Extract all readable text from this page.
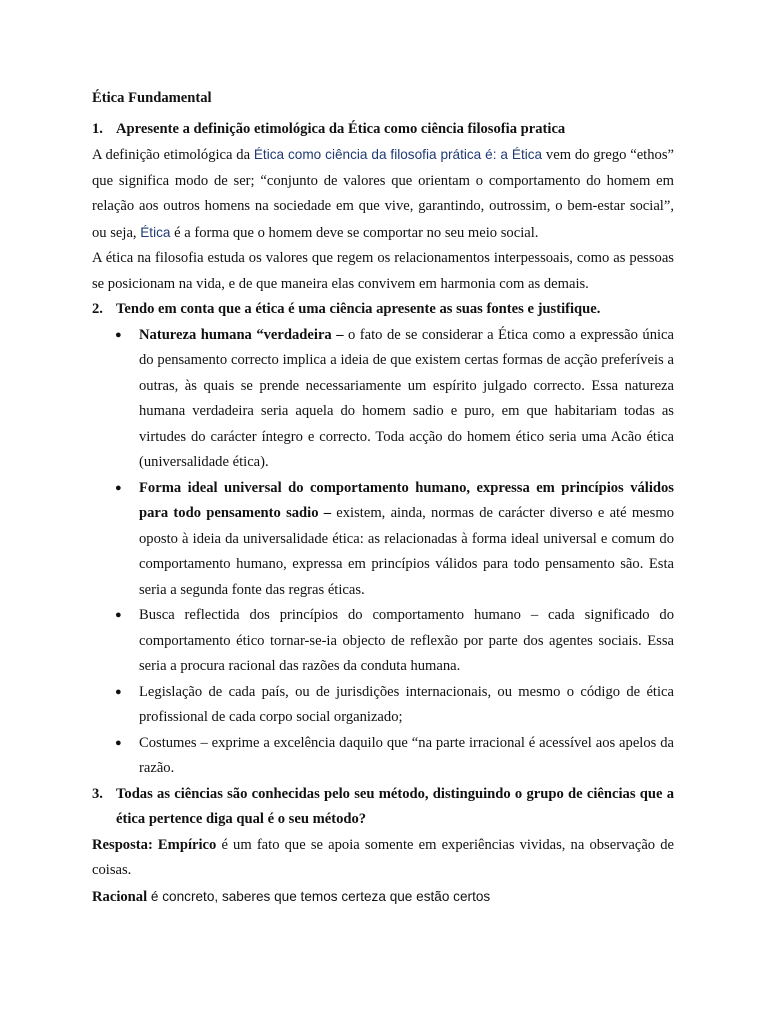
Ética Fundamental

1. Apresente a definição etimológica da Ética como ciência filosofia pratica

A definição etimológica da Ética como ciência da filosofia prática é: a Ética vem do grego “ethos” que significa modo de ser; “conjunto de valores que orientam o comportamento do homem em relação aos outros homens na sociedade em que vive, garantindo, outrossim, o bem-estar social”, ou seja, Ética é a forma que o homem deve se comportar no seu meio social.

A ética na filosofia estuda os valores que regem os relacionamentos interpessoais, como as pessoas se posicionam na vida, e de que maneira elas convivem em harmonia com as demais.

2. Tendo em conta que a ética é uma ciência apresente as suas fontes e justifique.
●	Natureza humana “verdadeira – o fato de se considerar a Ética como a expressão única do pensamento correcto implica a ideia de que existem certas formas de acção preferíveis a outras, às quais se prende necessariamente um espírito julgado correcto. Essa natureza humana verdadeira seria aquela do homem sadio e puro, em que habitariam todas as virtudes do carácter íntegro e correcto. Toda acção do homem ético seria uma Acão ética (universalidade ética).
●	Forma ideal universal do comportamento humano, expressa em princípios válidos para todo pensamento sadio – existem, ainda, normas de carácter diverso e até mesmo oposto à ideia da universalidade ética: as relacionadas à forma ideal universal e comum do comportamento humano, expressa em princípios válidos para todo pensamento são. Esta seria a segunda fonte das regras éticas.
●	Busca reflectida dos princípios do comportamento humano – cada significado do comportamento ético tornar-se-ia objecto de reflexão por parte dos agentes sociais. Essa seria a procura racional das razões da conduta humana.
●	Legislação de cada país, ou de jurisdições internacionais, ou mesmo o código de ética profissional de cada corpo social organizado;
●	Costumes – exprime a excelência daquilo que “na parte irracional é acessível aos apelos da razão.
3. Todas as ciências são conhecidas pelo seu método, distinguindo o grupo de ciências que a ética pertence diga qual é o seu método?

Resposta: Empírico é um fato que se apoia somente em experiências vividas, na observação de coisas.

Racional é concreto, saberes que temos certeza que estão certos
